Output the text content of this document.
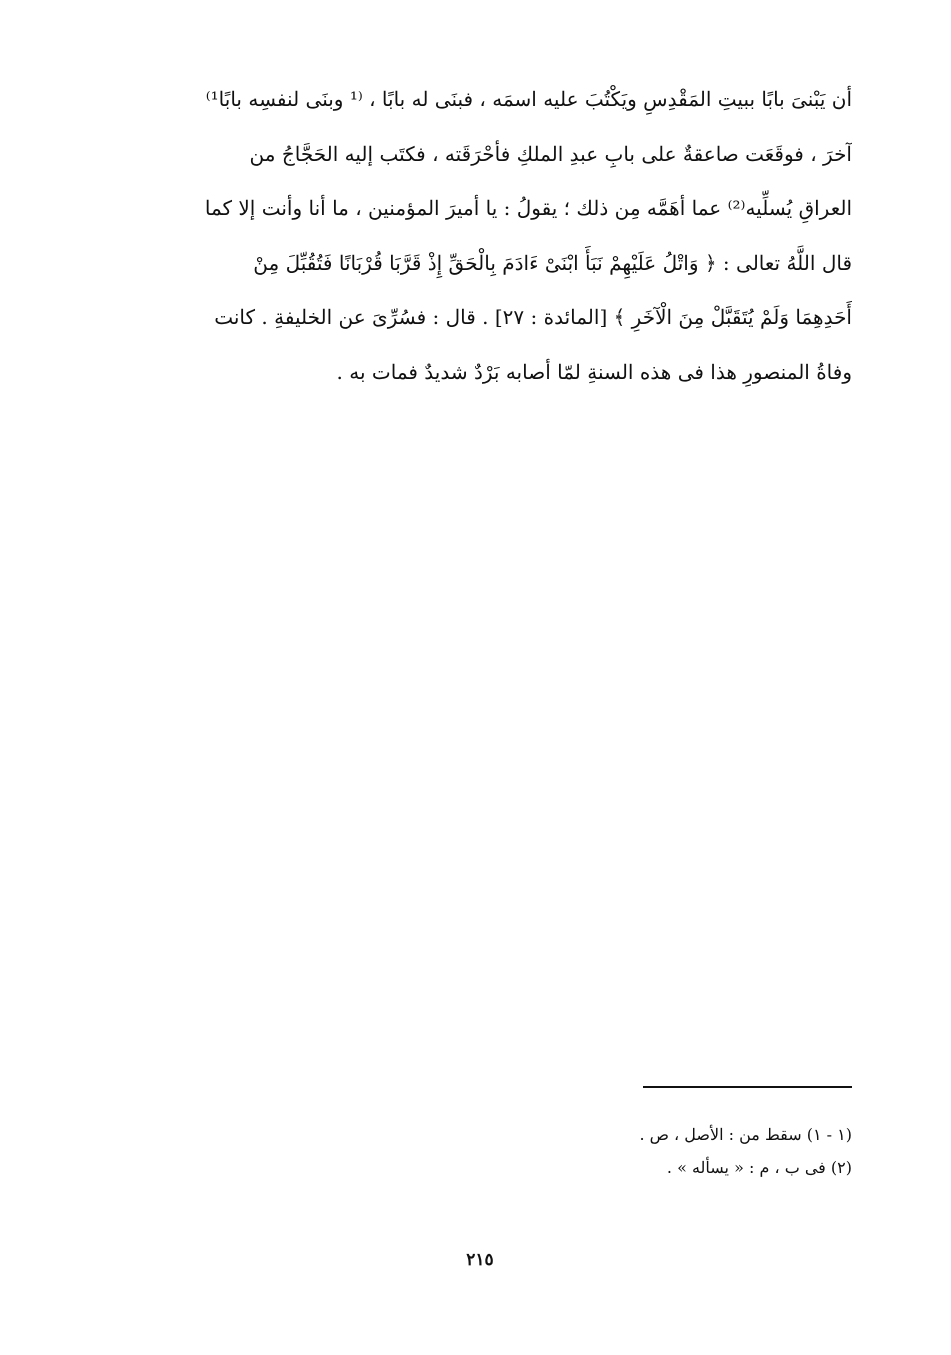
أن يَبْنىَ بابًا ببيتِ المَقْدِسِ ويَكْتُبَ عليه اسمَه ، فبنَى له بابًا ، ⁽¹ وبنَى لنفسِه بابًا¹⁾
آخرَ ، فوقَعَت صاعقةٌ على بابِ عبدِ الملكِ فأحْرَقَته ، فكتَب إليه الحَجَّاجُ من
العراقِ يُسلِّيه⁽²⁾ عما أهَمَّه مِن ذلك ؛ يقولُ : يا أميرَ المؤمنين ، ما أنا وأنت إلا كما
قال اللَّهُ تعالى : ﴿ وَاتْلُ عَلَيْهِمْ نَبَأَ ابْنَىْ ءَادَمَ بِالْحَقِّ إِذْ قَرَّبَا قُرْبَانًا فَتُقُبِّلَ مِنْ
أَحَدِهِمَا وَلَمْ يُتَقَبَّلْ مِنَ الْآخَرِ ﴾ [المائدة : ٢٧] . قال : فسُرِّىَ عن الخليفةِ . كانت
وفاةُ المنصورِ هذا فى هذه السنةِ لمّا أصابه بَرْدٌ شديدٌ فمات به .
(١ - ١) سقط من : الأصل ، ص .
(٢) فى ب ، م : « يسأله » .
٢١٥
